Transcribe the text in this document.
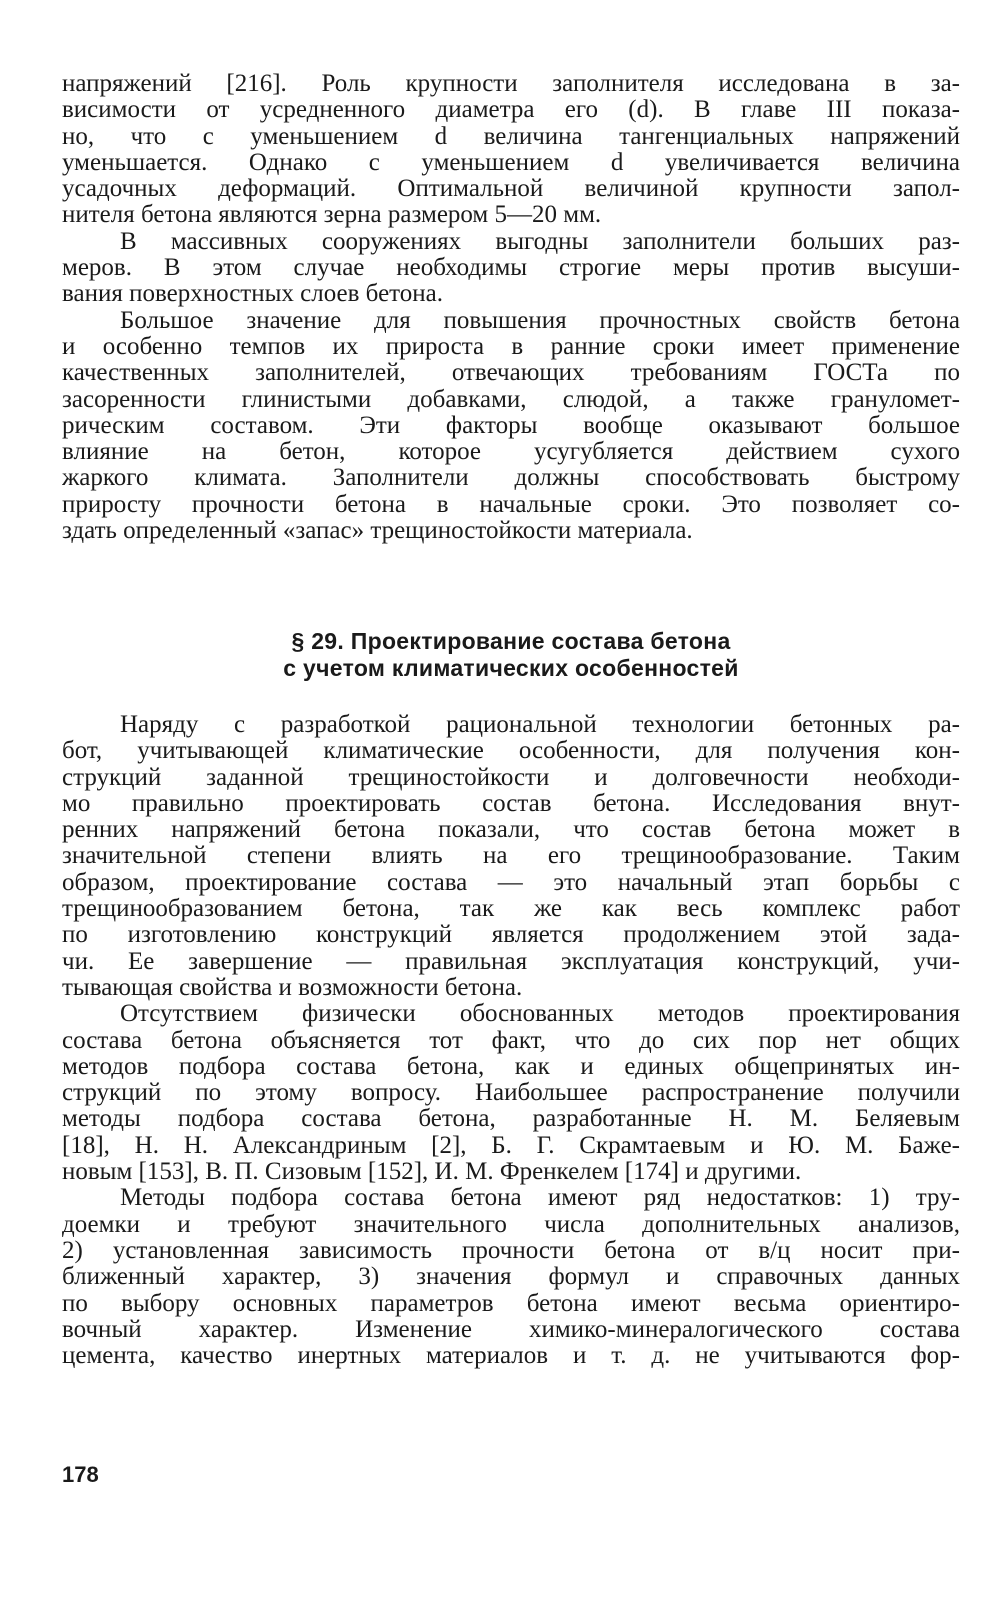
напряжений [216]. Роль крупности заполнителя исследована в за-
висимости от усредненного диаметра его (d). В главе III показа-
но, что с уменьшением d величина тангенциальных напряжений
уменьшается. Однако с уменьшением d увеличивается величина
усадочных деформаций. Оптимальной величиной крупности запол-
нителя бетона являются зерна размером 5—20 мм.
В массивных сооружениях выгодны заполнители больших раз-
меров. В этом случае необходимы строгие меры против высуши-
вания поверхностных слоев бетона.
Большое значение для повышения прочностных свойств бетона
и особенно темпов их прироста в ранние сроки имеет применение
качественных заполнителей, отвечающих требованиям ГОСТа по
засоренности глинистыми добавками, слюдой, а также грануломет-
рическим составом. Эти факторы вообще оказывают большое
влияние на бетон, которое усугубляется действием сухого
жаркого климата. Заполнители должны способствовать быстрому
приросту прочности бетона в начальные сроки. Это позволяет со-
здать определенный «запас» трещиностойкости материала.
§ 29. Проектирование состава бетона
с учетом климатических особенностей
Наряду с разработкой рациональной технологии бетонных ра-
бот, учитывающей климатические особенности, для получения кон-
струкций заданной трещиностойкости и долговечности необходи-
мо правильно проектировать состав бетона. Исследования внут-
ренних напряжений бетона показали, что состав бетона может в
значительной степени влиять на его трещинообразование. Таким
образом, проектирование состава — это начальный этап борьбы с
трещинообразованием бетона, так же как весь комплекс работ
по изготовлению конструкций является продолжением этой зада-
чи. Ее завершение — правильная эксплуатация конструкций, учи-
тывающая свойства и возможности бетона.
Отсутствием физически обоснованных методов проектирования
состава бетона объясняется тот факт, что до сих пор нет общих
методов подбора состава бетона, как и единых общепринятых ин-
струкций по этому вопросу. Наибольшее распространение получили
методы подбора состава бетона, разработанные Н. М. Беляевым
[18], Н. Н. Александриным [2], Б. Г. Скрамтаевым и Ю. М. Баже-
новым [153], В. П. Сизовым [152], И. М. Френкелем [174] и другими.
Методы подбора состава бетона имеют ряд недостатков: 1) тру-
доемки и требуют значительного числа дополнительных анализов,
2) установленная зависимость прочности бетона от в/ц носит при-
ближенный характер, 3) значения формул и справочных данных
по выбору основных параметров бетона имеют весьма ориентиро-
вочный характер. Изменение химико-минералогического состава
цемента, качество инертных материалов и т. д. не учитываются фор-
178
